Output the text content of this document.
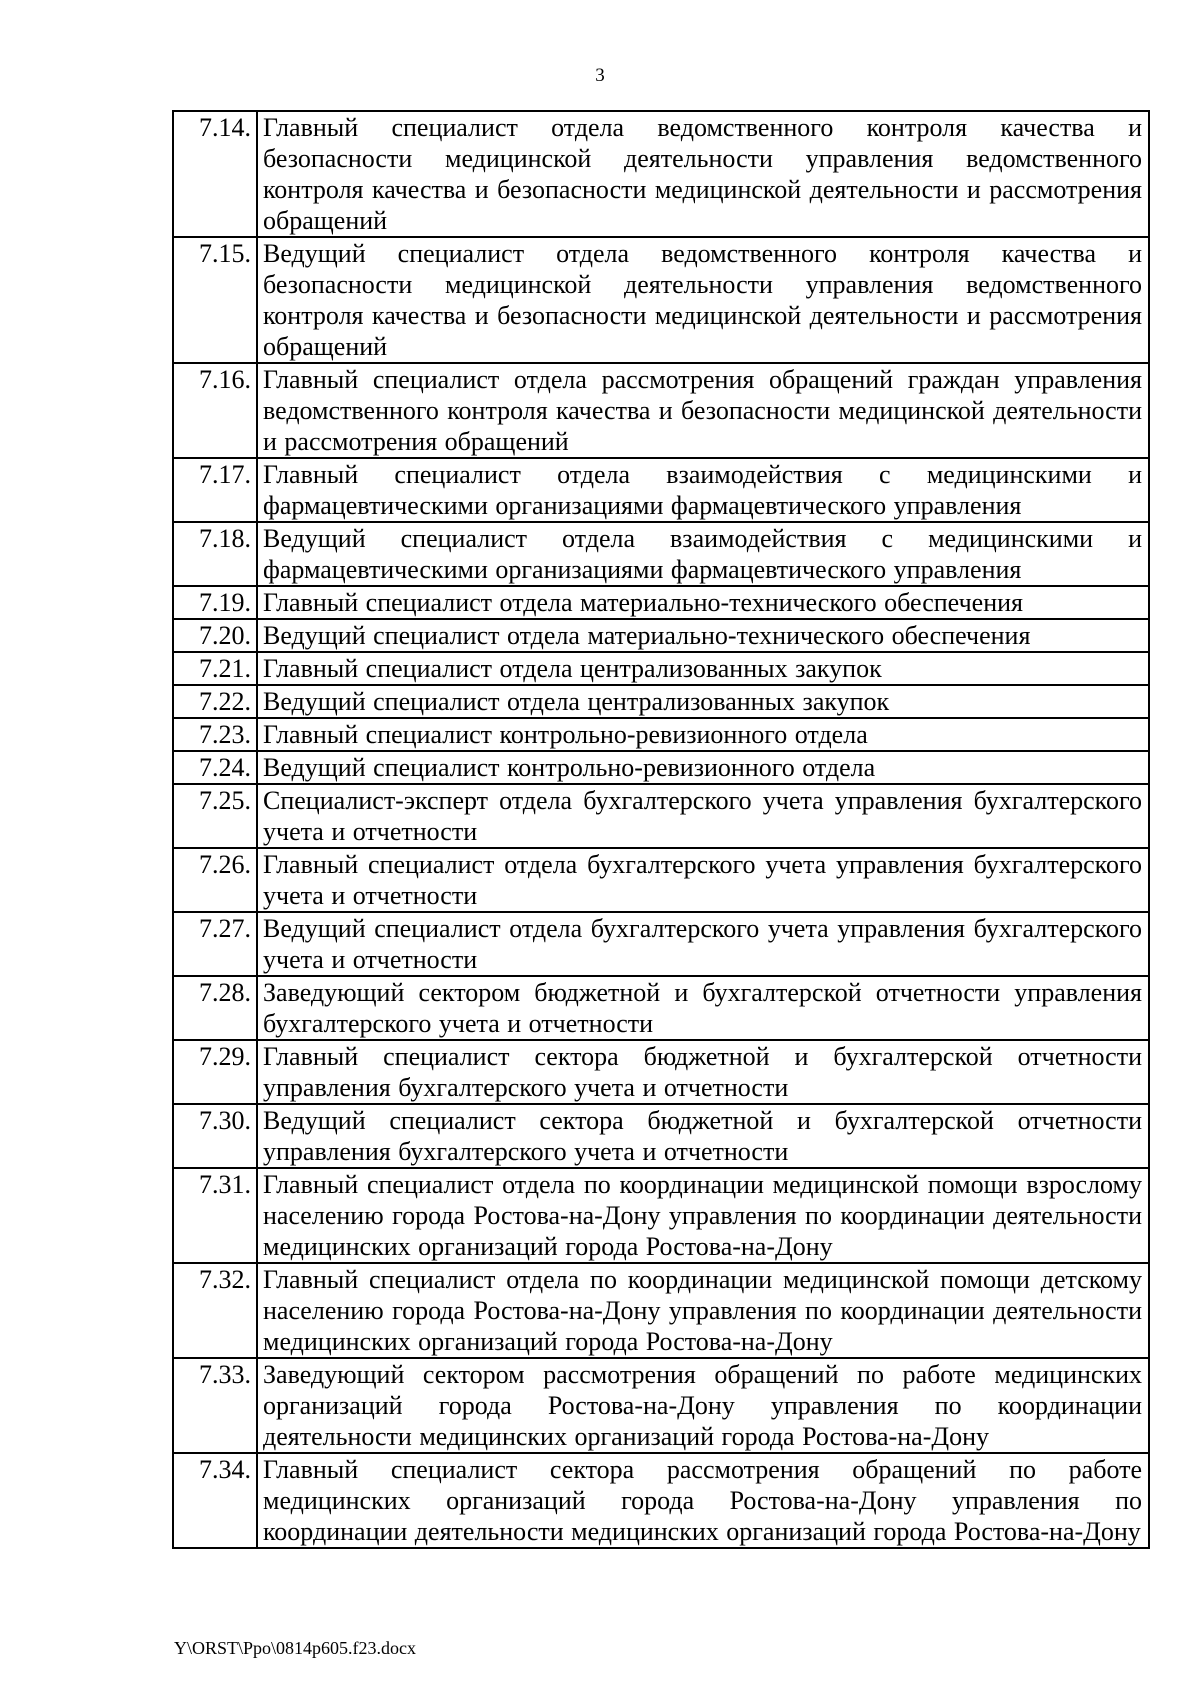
3
7.14.	Главный специалист отдела ведомственного контроля качества и безопасности медицинской деятельности управления ведомственного контроля качества и безопасности медицинской деятельности и рассмотрения обращений
7.15.	Ведущий специалист отдела ведомственного контроля качества и безопасности медицинской деятельности управления ведомственного контроля качества и безопасности медицинской деятельности и рассмотрения обращений
7.16.	Главный специалист отдела рассмотрения обращений граждан управления ведомственного контроля качества и безопасности медицинской деятельности и рассмотрения обращений
7.17.	Главный специалист отдела взаимодействия с медицинскими и фармацевтическими организациями фармацевтического управления
7.18.	Ведущий специалист отдела взаимодействия с медицинскими и фармацевтическими организациями фармацевтического управления
7.19.	Главный специалист отдела материально-технического обеспечения
7.20.	Ведущий специалист отдела материально-технического обеспечения
7.21.	Главный специалист отдела централизованных закупок
7.22.	Ведущий специалист отдела централизованных закупок
7.23.	Главный специалист контрольно-ревизионного отдела
7.24.	Ведущий специалист контрольно-ревизионного отдела
7.25.	Специалист-эксперт отдела бухгалтерского учета управления бухгалтерского учета и отчетности
7.26.	Главный специалист отдела бухгалтерского учета управления бухгалтерского учета и отчетности
7.27.	Ведущий специалист отдела бухгалтерского учета управления бухгалтерского учета и отчетности
7.28.	Заведующий сектором бюджетной и бухгалтерской отчетности управления бухгалтерского учета и отчетности
7.29.	Главный специалист сектора бюджетной и бухгалтерской отчетности управления бухгалтерского учета и отчетности
7.30.	Ведущий специалист сектора бюджетной и бухгалтерской отчетности управления бухгалтерского учета и отчетности
7.31.	Главный специалист отдела по координации медицинской помощи взрослому населению города Ростова-на-Дону управления по координации деятельности медицинских организаций города Ростова-на-Дону
7.32.	Главный специалист отдела по координации медицинской помощи детскому населению города Ростова-на-Дону управления по координации деятельности медицинских организаций города Ростова-на-Дону
7.33.	Заведующий сектором рассмотрения обращений по работе медицинских организаций города Ростова-на-Дону управления по координации деятельности медицинских организаций города Ростова-на-Дону
7.34.	Главный специалист сектора рассмотрения обращений по работе медицинских организаций города Ростова-на-Дону управления по координации деятельности медицинских организаций города Ростова-на-Дону
Y\ORST\Ppo\0814p605.f23.docx
